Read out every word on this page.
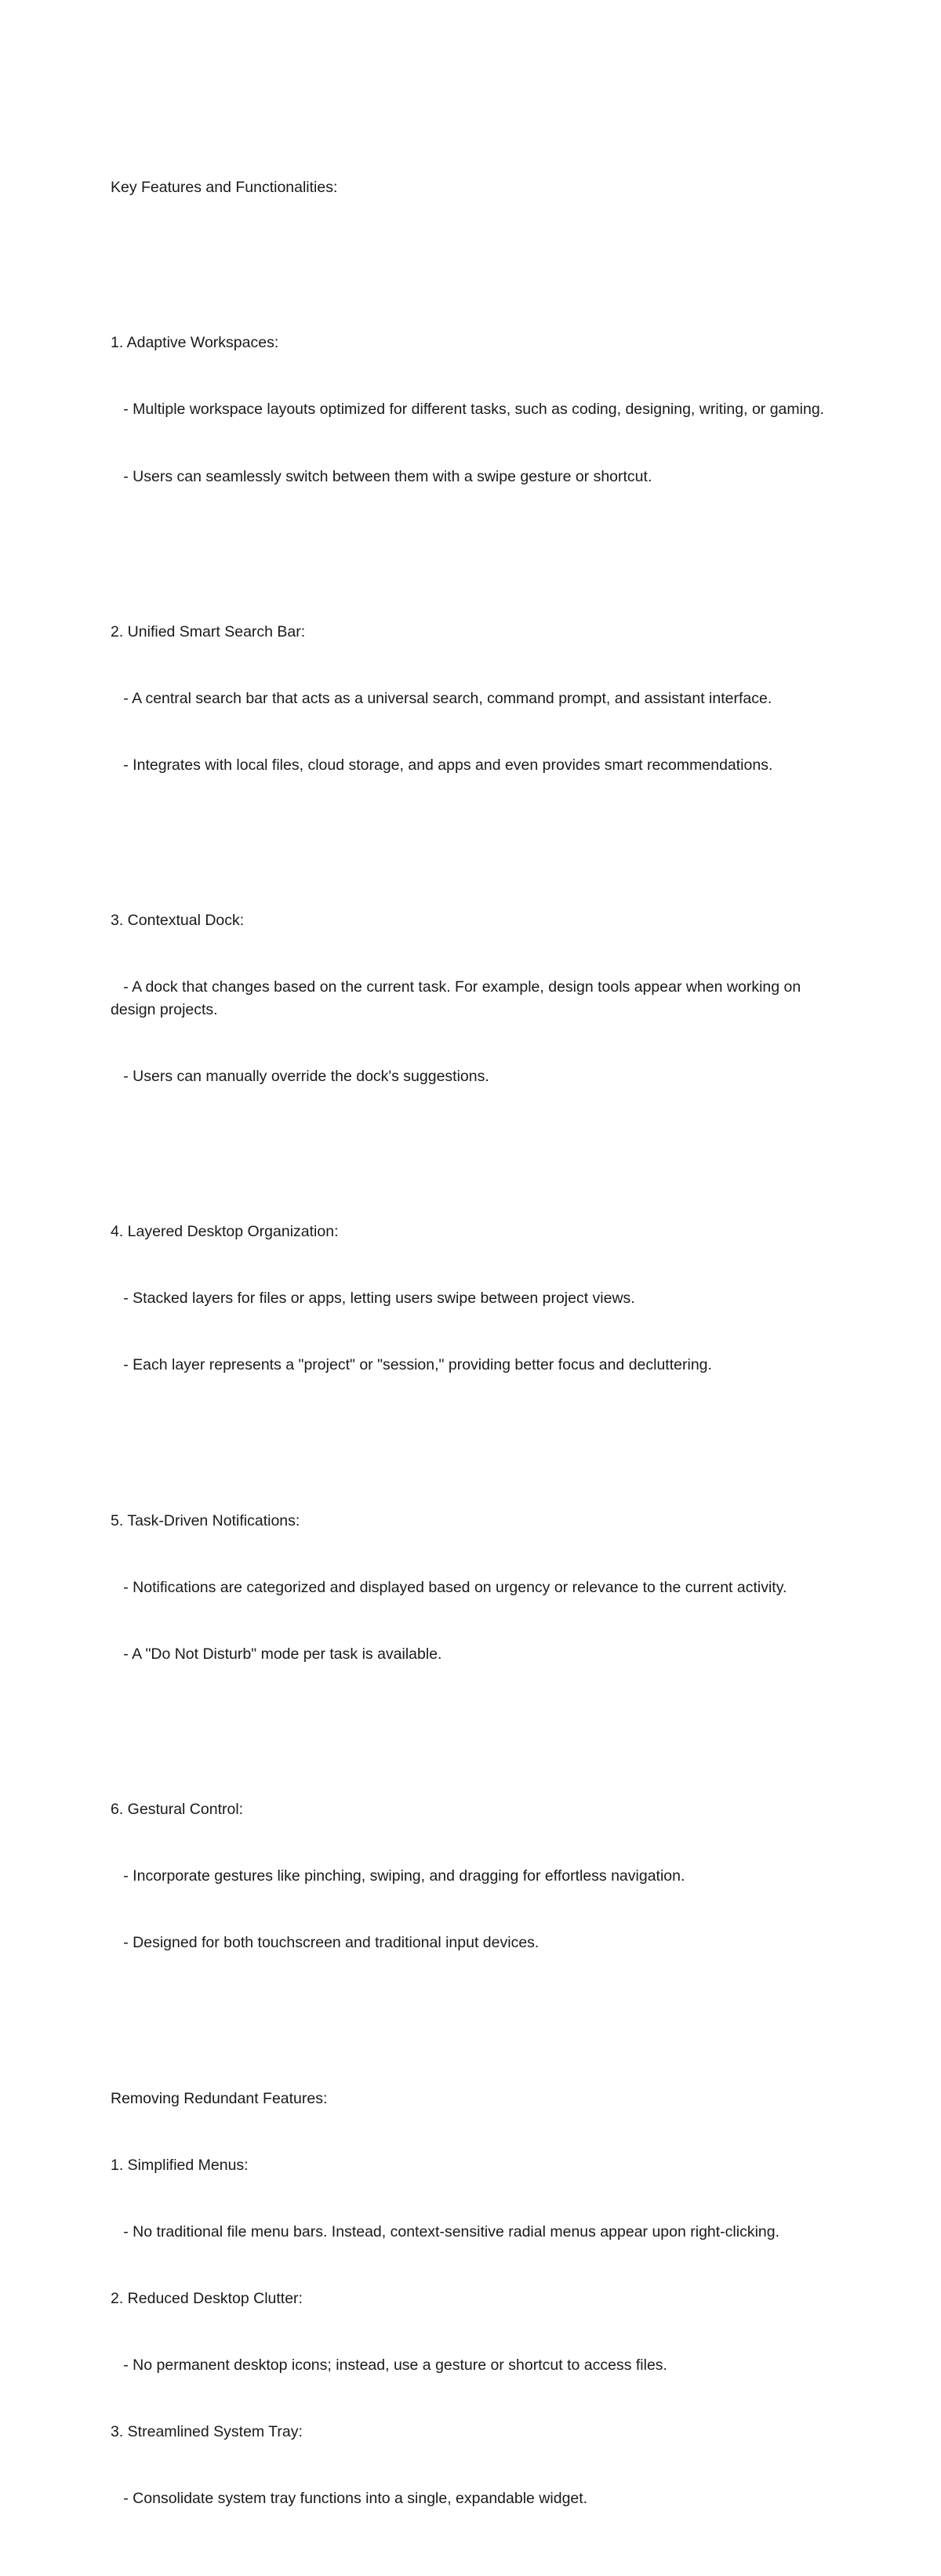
Key Features and Functionalities:

1. Adaptive Workspaces:

- Multiple workspace layouts optimized for different tasks, such as coding, designing, writing, or gaming.

- Users can seamlessly switch between them with a swipe gesture or shortcut.

2. Unified Smart Search Bar:

- A central search bar that acts as a universal search, command prompt, and assistant interface.

- Integrates with local files, cloud storage, and apps and even provides smart recommendations.

3. Contextual Dock:

- A dock that changes based on the current task. For example, design tools appear when working on design projects.

- Users can manually override the dock's suggestions.

4. Layered Desktop Organization:

- Stacked layers for files or apps, letting users swipe between project views.

- Each layer represents a "project" or "session," providing better focus and decluttering.

5. Task-Driven Notifications:

- Notifications are categorized and displayed based on urgency or relevance to the current activity.

- A "Do Not Disturb" mode per task is available.

6. Gestural Control:

- Incorporate gestures like pinching, swiping, and dragging for effortless navigation.

- Designed for both touchscreen and traditional input devices.

Removing Redundant Features:

1. Simplified Menus:

- No traditional file menu bars. Instead, context-sensitive radial menus appear upon right-clicking.

2. Reduced Desktop Clutter:

- No permanent desktop icons; instead, use a gesture or shortcut to access files.

3. Streamlined System Tray:

- Consolidate system tray functions into a single, expandable widget.
